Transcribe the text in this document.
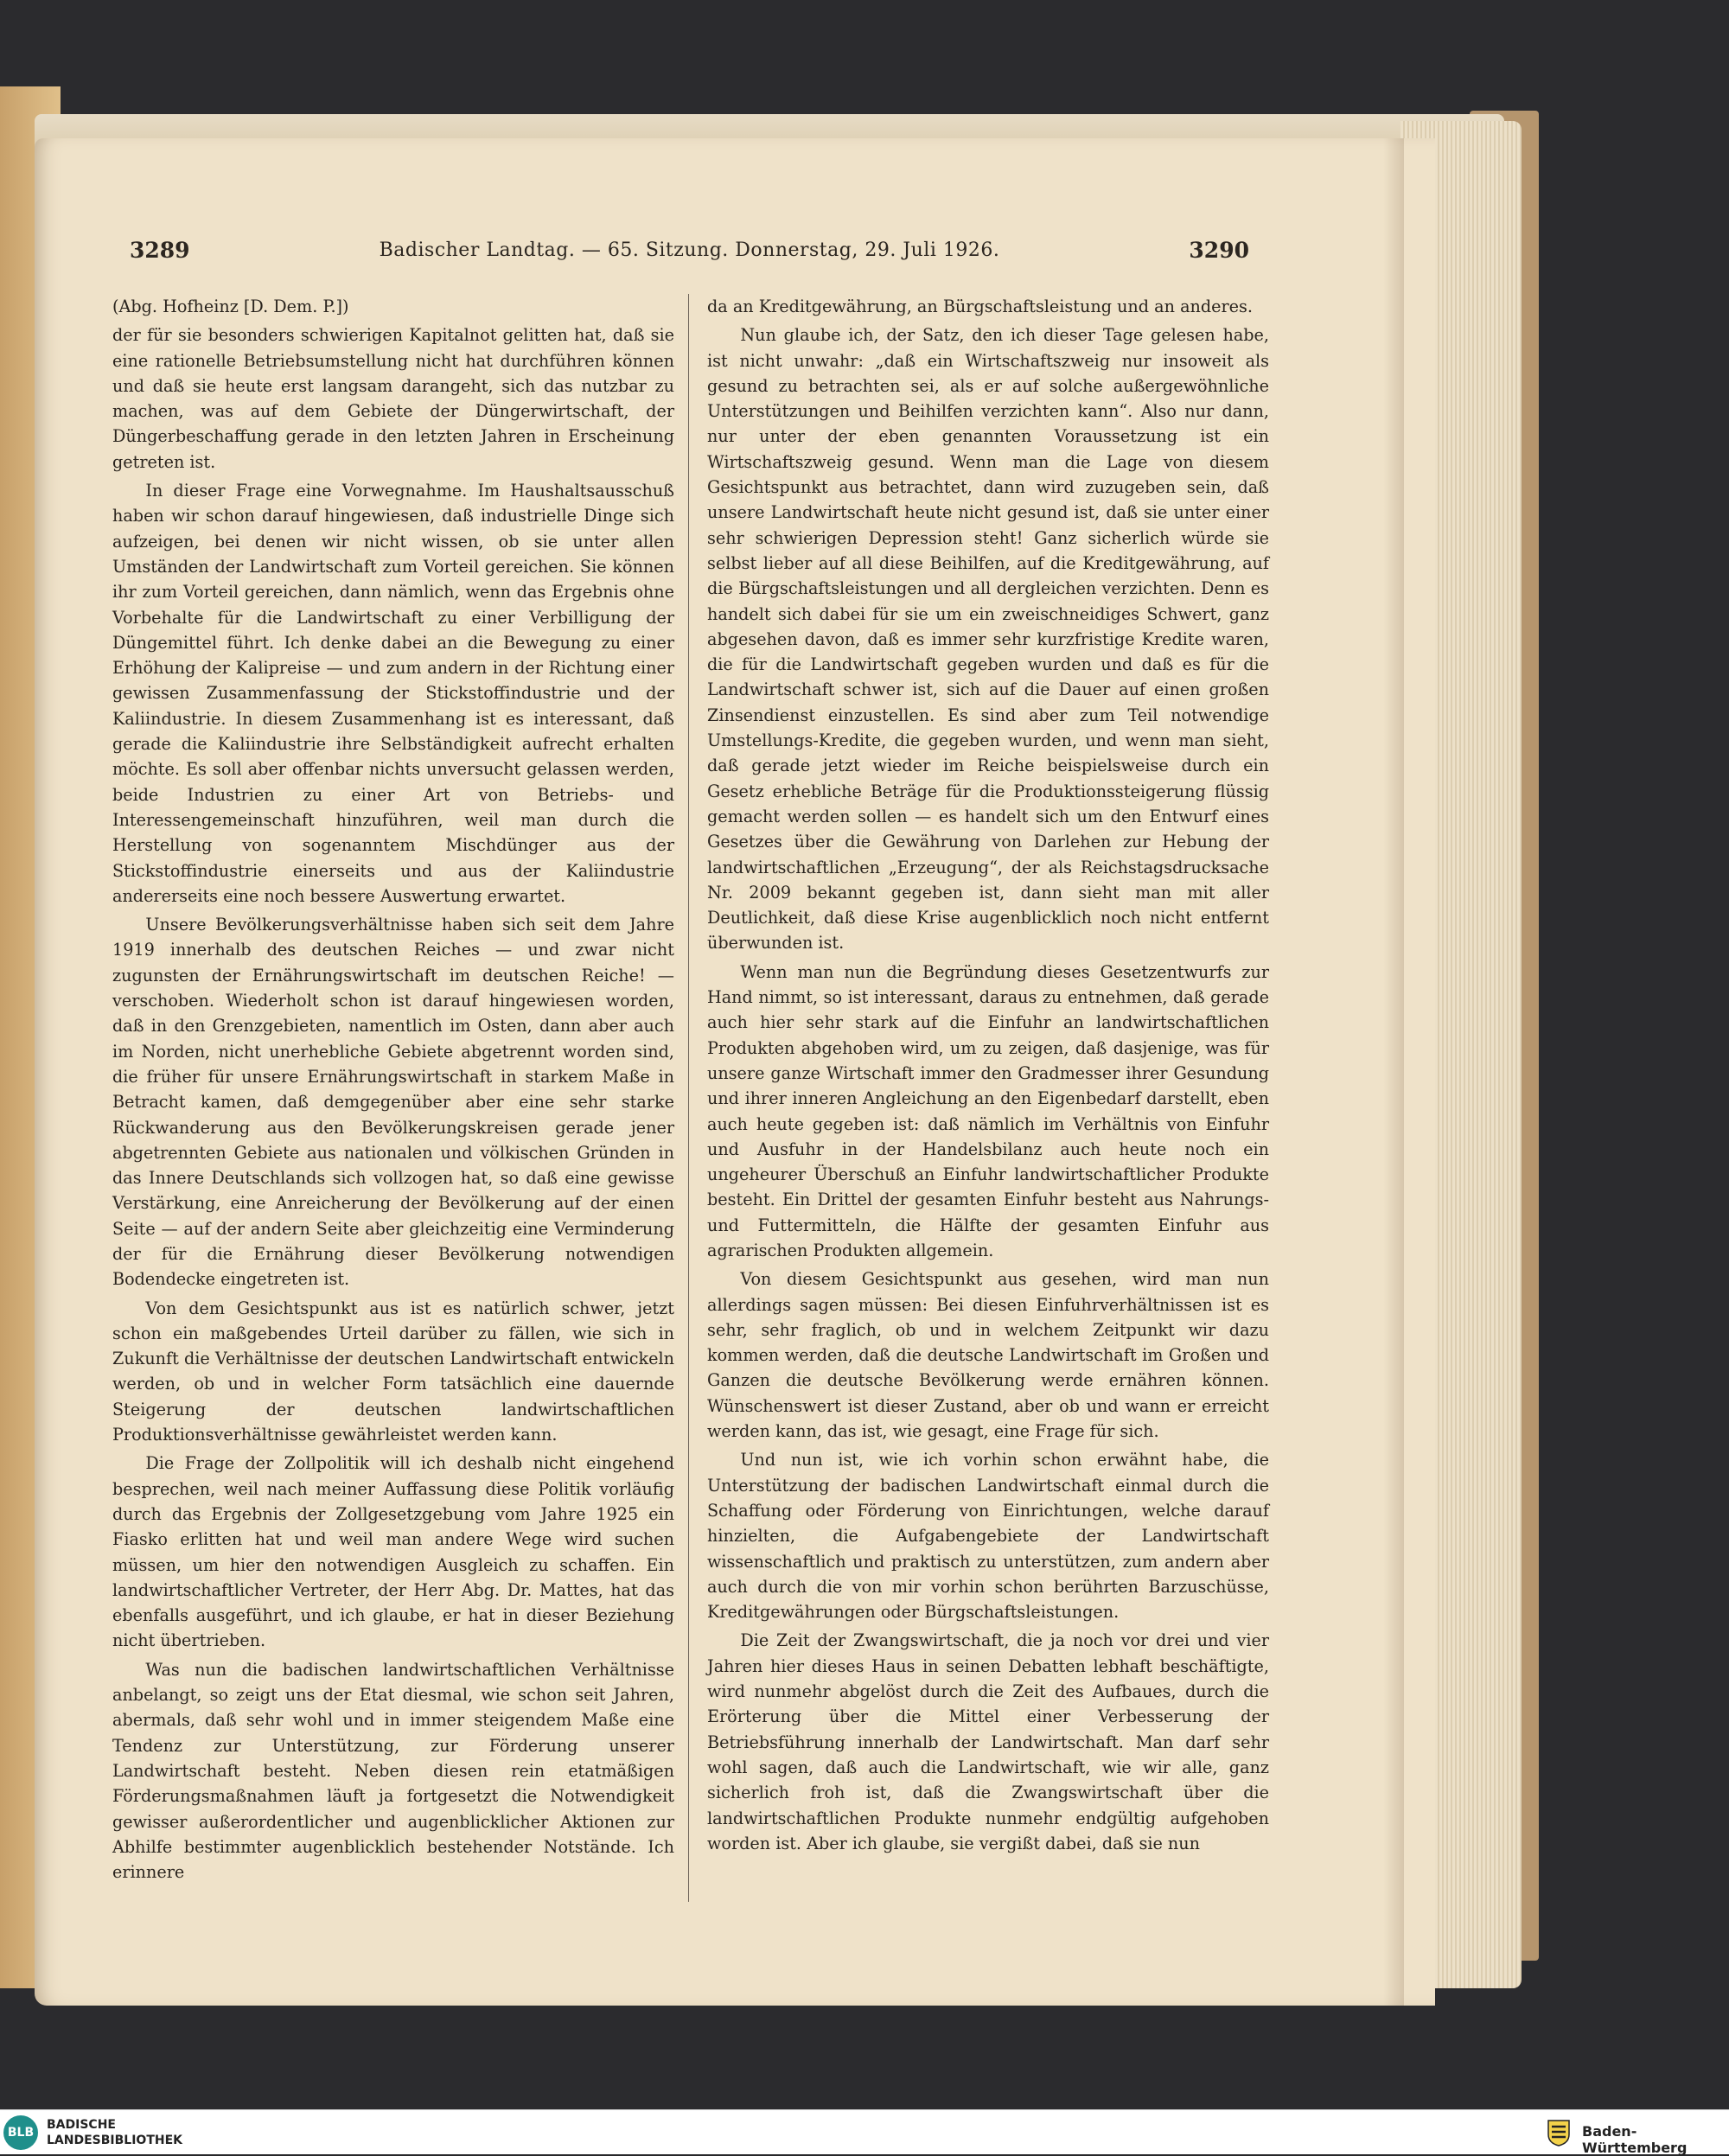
3289	Badischer Landtag. — 65. Sitzung. Donnerstag, 29. Juli 1926.	3290

(Abg. Hofheinz [D. Dem. P.])

der für sie besonders schwierigen Kapitalnot gelitten hat, daß sie eine rationelle Betriebsumstellung nicht hat durchführen können und daß sie heute erst langsam darangeht, sich das nutzbar zu machen, was auf dem Gebiete der Düngerwirtschaft, der Düngerbeschaffung gerade in den letzten Jahren in Erscheinung getreten ist.

In dieser Frage eine Vorwegnahme. Im Haushaltsausschuß haben wir schon darauf hingewiesen, daß industrielle Dinge sich aufzeigen, bei denen wir nicht wissen, ob sie unter allen Umständen der Landwirtschaft zum Vorteil gereichen. Sie können ihr zum Vorteil gereichen, dann nämlich, wenn das Ergebnis ohne Vorbehalte für die Landwirtschaft zu einer Verbilligung der Düngemittel führt. Ich denke dabei an die Bewegung zu einer Erhöhung der Kalipreise — und zum andern in der Richtung einer gewissen Zusammenfassung der Stickstoffindustrie und der Kaliindustrie. In diesem Zusammenhang ist es interessant, daß gerade die Kaliindustrie ihre Selbständigkeit aufrecht erhalten möchte. Es soll aber offenbar nichts unversucht gelassen werden, beide Industrien zu einer Art von Betriebs- und Interessengemeinschaft hinzuführen, weil man durch die Herstellung von sogenanntem Mischdünger aus der Stickstoffindustrie einerseits und aus der Kaliindustrie andererseits eine noch bessere Auswertung erwartet.

Unsere Bevölkerungsverhältnisse haben sich seit dem Jahre 1919 innerhalb des deutschen Reiches — und zwar nicht zugunsten der Ernährungswirtschaft im deutschen Reiche! — verschoben. Wiederholt schon ist darauf hingewiesen worden, daß in den Grenzgebieten, namentlich im Osten, dann aber auch im Norden, nicht unerhebliche Gebiete abgetrennt worden sind, die früher für unsere Ernährungswirtschaft in starkem Maße in Betracht kamen, daß demgegenüber aber eine sehr starke Rückwanderung aus den Bevölkerungskreisen gerade jener abgetrennten Gebiete aus nationalen und völkischen Gründen in das Innere Deutschlands sich vollzogen hat, so daß eine gewisse Verstärkung, eine Anreicherung der Bevölkerung auf der einen Seite — auf der andern Seite aber gleichzeitig eine Verminderung der für die Ernährung dieser Bevölkerung notwendigen Bodendecke eingetreten ist.

Von dem Gesichtspunkt aus ist es natürlich schwer, jetzt schon ein maßgebendes Urteil darüber zu fällen, wie sich in Zukunft die Verhältnisse der deutschen Landwirtschaft entwickeln werden, ob und in welcher Form tatsächlich eine dauernde Steigerung der deutschen landwirtschaftlichen Produktionsverhältnisse gewährleistet werden kann.

Die Frage der Zollpolitik will ich deshalb nicht eingehend besprechen, weil nach meiner Auffassung diese Politik vorläufig durch das Ergebnis der Zollgesetzgebung vom Jahre 1925 ein Fiasko erlitten hat und weil man andere Wege wird suchen müssen, um hier den notwendigen Ausgleich zu schaffen. Ein landwirtschaftlicher Vertreter, der Herr Abg. Dr. Mattes, hat das ebenfalls ausgeführt, und ich glaube, er hat in dieser Beziehung nicht übertrieben.

Was nun die badischen landwirtschaftlichen Verhältnisse anbelangt, so zeigt uns der Etat diesmal, wie schon seit Jahren, abermals, daß sehr wohl und in immer steigendem Maße eine Tendenz zur Unterstützung, zur Förderung unserer Landwirtschaft besteht. Neben diesen rein etatmäßigen Förderungsmaßnahmen läuft ja fortgesetzt die Notwendigkeit gewisser außerordentlicher und augenblicklicher Aktionen zur Abhilfe bestimmter augenblicklich bestehender Notstände. Ich erinnere

da an Kreditgewährung, an Bürgschaftsleistung und an anderes.

Nun glaube ich, der Satz, den ich dieser Tage gelesen habe, ist nicht unwahr: „daß ein Wirtschaftszweig nur insoweit als gesund zu betrachten sei, als er auf solche außergewöhnliche Unterstützungen und Beihilfen verzichten kann“. Also nur dann, nur unter der eben genannten Voraussetzung ist ein Wirtschaftszweig gesund. Wenn man die Lage von diesem Gesichtspunkt aus betrachtet, dann wird zuzugeben sein, daß unsere Landwirtschaft heute nicht gesund ist, daß sie unter einer sehr schwierigen Depression steht! Ganz sicherlich würde sie selbst lieber auf all diese Beihilfen, auf die Kreditgewährung, auf die Bürgschaftsleistungen und all dergleichen verzichten. Denn es handelt sich dabei für sie um ein zweischneidiges Schwert, ganz abgesehen davon, daß es immer sehr kurzfristige Kredite waren, die für die Landwirtschaft gegeben wurden und daß es für die Landwirtschaft schwer ist, sich auf die Dauer auf einen großen Zinsendienst einzustellen. Es sind aber zum Teil notwendige Umstellungs-Kredite, die gegeben wurden, und wenn man sieht, daß gerade jetzt wieder im Reiche beispielsweise durch ein Gesetz erhebliche Beträge für die Produktionssteigerung flüssig gemacht werden sollen — es handelt sich um den Entwurf eines Gesetzes über die Gewährung von Darlehen zur Hebung der landwirtschaftlichen „Erzeugung“, der als Reichstagsdrucksache Nr. 2009 bekannt gegeben ist, dann sieht man mit aller Deutlichkeit, daß diese Krise augenblicklich noch nicht entfernt überwunden ist.

Wenn man nun die Begründung dieses Gesetzentwurfs zur Hand nimmt, so ist interessant, daraus zu entnehmen, daß gerade auch hier sehr stark auf die Einfuhr an landwirtschaftlichen Produkten abgehoben wird, um zu zeigen, daß dasjenige, was für unsere ganze Wirtschaft immer den Gradmesser ihrer Gesundung und ihrer inneren Angleichung an den Eigenbedarf darstellt, eben auch heute gegeben ist: daß nämlich im Verhältnis von Einfuhr und Ausfuhr in der Handelsbilanz auch heute noch ein ungeheurer Überschuß an Einfuhr landwirtschaftlicher Produkte besteht. Ein Drittel der gesamten Einfuhr besteht aus Nahrungs- und Futtermitteln, die Hälfte der gesamten Einfuhr aus agrarischen Produkten allgemein.

Von diesem Gesichtspunkt aus gesehen, wird man nun allerdings sagen müssen: Bei diesen Einfuhrverhältnissen ist es sehr, sehr fraglich, ob und in welchem Zeitpunkt wir dazu kommen werden, daß die deutsche Landwirtschaft im Großen und Ganzen die deutsche Bevölkerung werde ernähren können. Wünschenswert ist dieser Zustand, aber ob und wann er erreicht werden kann, das ist, wie gesagt, eine Frage für sich.

Und nun ist, wie ich vorhin schon erwähnt habe, die Unterstützung der badischen Landwirtschaft einmal durch die Schaffung oder Förderung von Einrichtungen, welche darauf hinzielten, die Aufgabengebiete der Landwirtschaft wissenschaftlich und praktisch zu unterstützen, zum andern aber auch durch die von mir vorhin schon berührten Barzuschüsse, Kreditgewährungen oder Bürgschaftsleistungen.

Die Zeit der Zwangswirtschaft, die ja noch vor drei und vier Jahren hier dieses Haus in seinen Debatten lebhaft beschäftigte, wird nunmehr abgelöst durch die Zeit des Aufbaues, durch die Erörterung über die Mittel einer Verbesserung der Betriebsführung innerhalb der Landwirtschaft. Man darf sehr wohl sagen, daß auch die Landwirtschaft, wie wir alle, ganz sicherlich froh ist, daß die Zwangswirtschaft über die landwirtschaftlichen Produkte nunmehr endgültig aufgehoben worden ist. Aber ich glaube, sie vergißt dabei, daß sie nun

BLB
BADISCHE
LANDESBIBLIOTHEK
Baden-Württemberg
